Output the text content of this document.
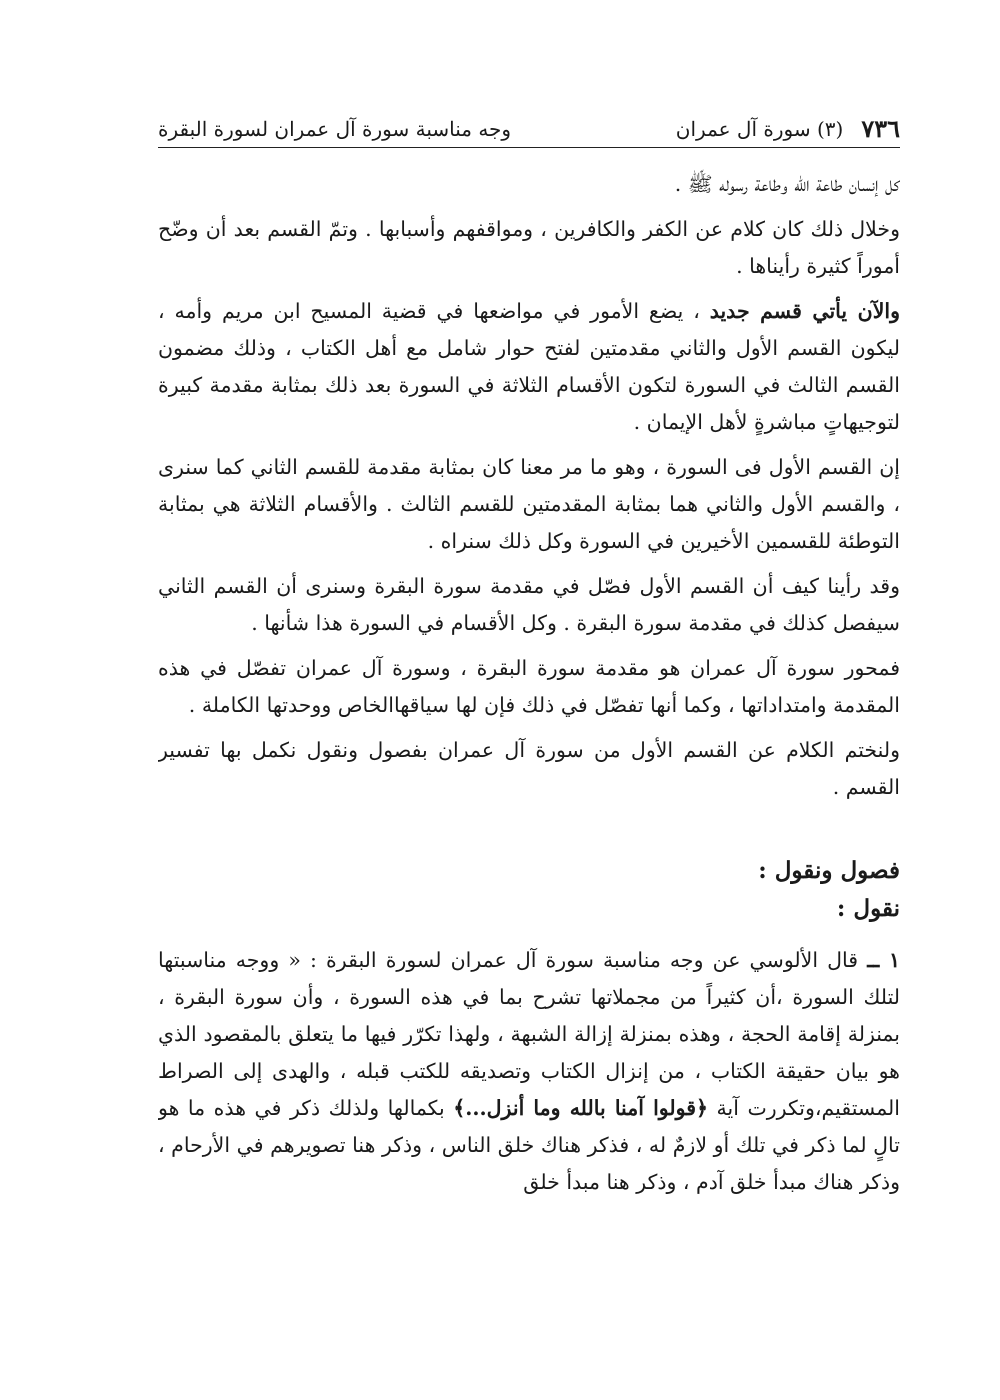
٧٣٦
(٣) سورة آل عمران
وجه مناسبة سورة آل عمران لسورة البقرة

كل إنسان طاعة الله وطاعة رسوله ﷺ .

وخلال ذلك كان كلام عن الكفر والكافرين ، ومواقفهم وأسبابها . وتمّ القسم بعد أن وضّح أموراً كثيرة رأيناها .

والآن يأتي قسم جديد ، يضع الأمور في مواضعها في قضية المسيح ابن مريم وأمه ، ليكون القسم الأول والثاني مقدمتين لفتح حوار شامل مع أهل الكتاب ، وذلك مضمون القسم الثالث في السورة لتكون الأقسام الثلاثة في السورة بعد ذلك بمثابة مقدمة كبيرة لتوجيهاتٍ مباشرةٍ لأهل الإيمان .

إن القسم الأول فى السورة ، وهو ما مر معنا كان بمثابة مقدمة للقسم الثاني كما سنرى ، والقسم الأول والثاني هما بمثابة المقدمتين للقسم الثالث . والأقسام الثلاثة هي بمثابة التوطئة للقسمين الأخيرين في السورة وكل ذلك سنراه .

وقد رأينا كيف أن القسم الأول فصّل في مقدمة سورة البقرة وسنرى أن القسم الثاني سيفصل كذلك في مقدمة سورة البقرة . وكل الأقسام في السورة هذا شأنها .

فمحور سورة آل عمران هو مقدمة سورة البقرة ، وسورة آل عمران تفصّل في هذه المقدمة وامتداداتها ، وكما أنها تفصّل في ذلك فإن لها سياقهاالخاص ووحدتها الكاملة .

ولنختم الكلام عن القسم الأول من سورة آل عمران بفصول ونقول نكمل بها تفسير القسم .

فصول ونقول :
نقول :

١ ــ قال الألوسي عن وجه مناسبة سورة آل عمران لسورة البقرة : « ووجه مناسبتها لتلك السورة ،أن كثيراً من مجملاتها تشرح بما في هذه السورة ، وأن سورة البقرة ، بمنزلة إقامة الحجة ، وهذه بمنزلة إزالة الشبهة ، ولهذا تكرّر فيها ما يتعلق بالمقصود الذي هو بيان حقيقة الكتاب ، من إنزال الكتاب وتصديقه للكتب قبله ، والهدى إلى الصراط المستقيم،وتكررت آية ﴿قولوا آمنا بالله وما أنزل...﴾ بكمالها ولذلك ذكر في هذه ما هو تالٍ لما ذكر في تلك أو لازمٌ له ، فذكر هناك خلق الناس ، وذكر هنا تصويرهم في الأرحام ، وذكر هناك مبدأ خلق آدم ، وذكر هنا مبدأ خلق
